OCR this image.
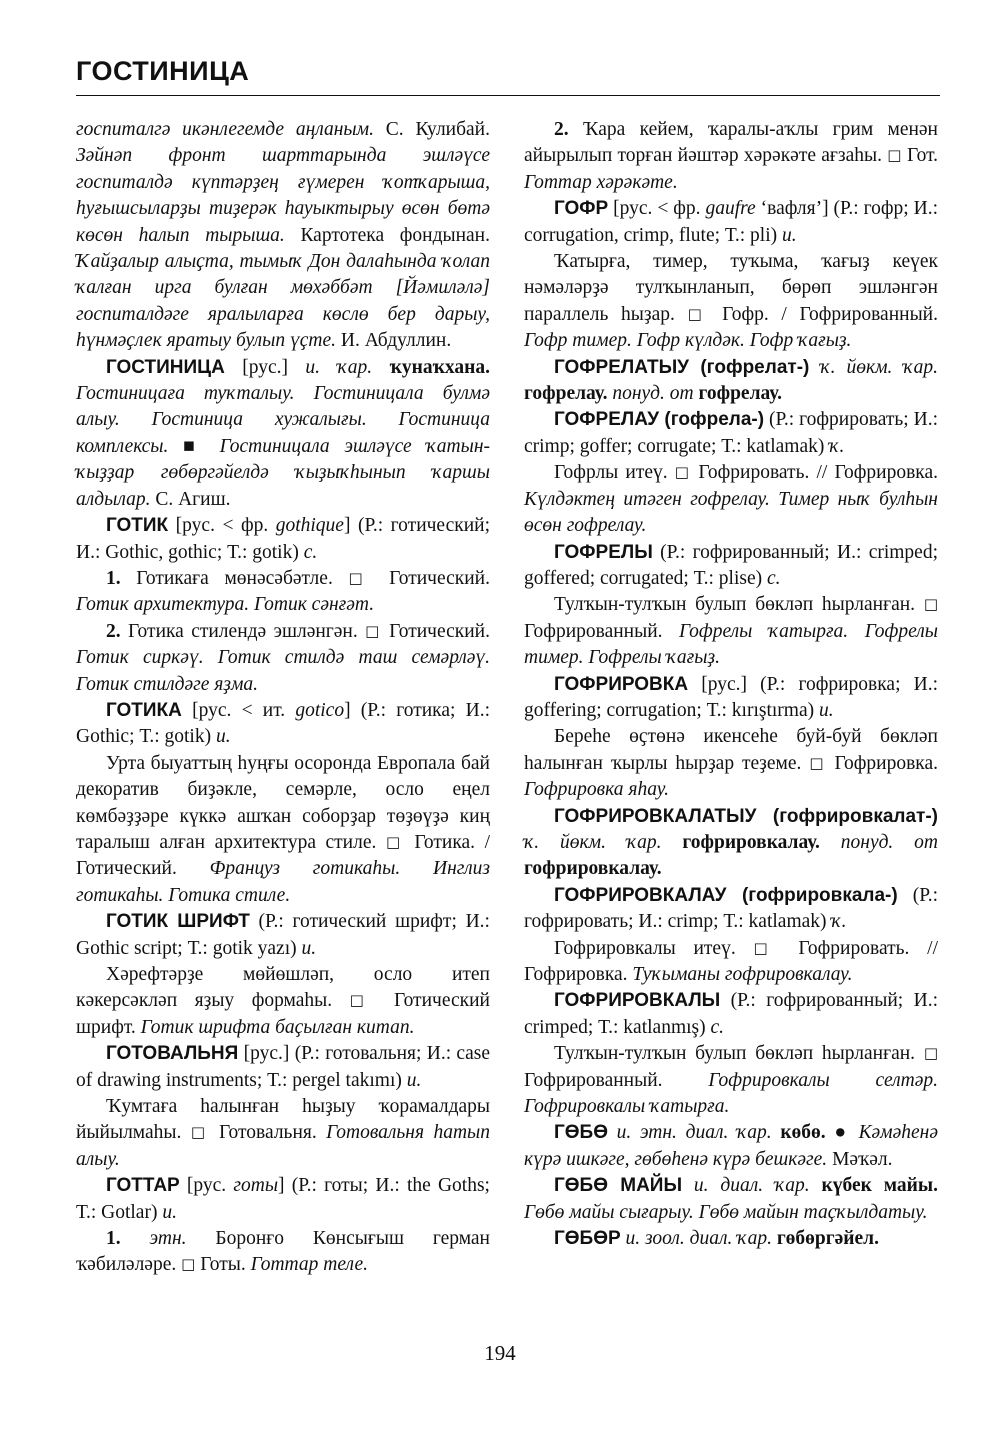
ГОСТИНИЦА

госпиталгә икәнлегемде аңланым. С. Кулибай. Зәйнәп фронт шарттарында эшләүсе госпиталдә күптәрҙең ғүмерен ҡотҡарыша, һуғышсыларҙы тиҙерәк һауыктырыу өсөн бөтә көсөн һалып тырыша. Картотека фондынан. Ҡайҙалыр алыҫта, тымыҡ Дон далаһында ҡолап ҡалған ирга булған мөхәббәт [Йәмиләлә] госпиталдәге яралыларға көслө бер дарыу, һүнмәҫлек яратыу булып үҫте. И. Абдуллин.

ГОСТИНИЦА [рус.] и. ҡар. ҡунаҡхана. Гостиницаға туҡталыу. Гостиницала булмә алыу. Гостиница хужалығы. Гостиница комплексы. ■ Гостиницала эшләүсе ҡатын-ҡыҙҙар гөбөргәйелдә ҡыҙыҡһынып ҡаршы алдылар. С. Агиш.

ГОТИК [рус. < фр. gothique] (Р.: готический; И.: Gothic, gothic; Т.: gotik) с.

1. Готикаға мөнәсәбәтле. □ Готический. Готик архитектура. Готик сәнғәт.

2. Готика стилендә эшләнгән. □ Готический. Готик сиркәү. Готик стилдә таш семәрләү. Готик стилдәге яҙма.

ГОТИКА [рус. < ит. gotico] (Р.: готика; И.: Gothic; Т.: gotik) и.

Урта быуаттың һуңғы осоронда Европала бай декоратив биҙәкле, семәрле, осло еңел көмбәҙҙәре күккә ашҡан соборҙар төҙөүҙә киң таралыш алған архитектура стиле. □ Готика. / Готический. Француз готикаһы. Инглиз готикаһы. Готика стиле.

ГОТИК ШРИФТ (Р.: готический шрифт; И.: Gothic script; Т.: gotik yazı) и.

Хәрефтәрҙе мөйөшләп, осло итеп кәкерсәкләп яҙыу формаһы. □ Готический шрифт. Готик шрифта баҫылған китап.

ГОТОВАЛЬНЯ [рус.] (Р.: готовальня; И.: case of drawing instruments; Т.: pergel takımı) и.

Ҡумтаға һалынған һыҙыу ҡорамалдары йыйылмаһы. □ Готовальня. Готовальня һатып алыу.

ГОТТАР [рус. готы] (Р.: готы; И.: the Goths; Т.: Gotlar) и.

1. этн. Боронғо Көнсығыш герман ҡәбиләләре. □ Готы. Готтар теле.

2. Ҡара кейем, ҡаралы-аҡлы грим менән айырылып торған йәштәр хәрәкәте ағзаһы. □ Гот. Готтар хәрәкәте.

ГОФР [рус. < фр. gaufre ‘вафля’] (Р.: гофр; И.: corrugation, crimp, flute; Т.: pli) и.

Ҡатырға, тимер, туҡыма, ҡағыҙ кеүек нәмәләрҙә тулҡынланып, бөрөп эшләнгән параллель һыҙар. □ Гофр. / Гофрированный. Гофр тимер. Гофр күлдәк. Гофр ҡағыҙ.

ГОФРЕЛАТЫУ (гофрелат-) ҡ. йөкм. ҡар. гофрелау. понуд. от гофрелау.

ГОФРЕЛАУ (гофрела-) (Р.: гофрировать; И.: crimp; goffer; corrugate; Т.: katlamak) ҡ.

Гофрлы итеү. □ Гофрировать. // Гофрировка. Күлдәктең итәген гофрелау. Тимер ныҡ булһын өсөн гофрелау.

ГОФРЕЛЫ (Р.: гофрированный; И.: crimped; goffered; corrugated; Т.: plise) с.

Тулҡын-тулҡын булып бөкләп һырланған. □ Гофрированный. Гофрелы ҡатырға. Гофрелы тимер. Гофрелы ҡағыҙ.

ГОФРИРОВКА [рус.] (Р.: гофрировка; И.: goffering; corrugation; Т.: kırıştırma) и.

Береһе өҫтөнә икенсеһе буй-буй бөкләп һалынған ҡырлы һырҙар теҙеме. □ Гофрировка. Гофрировка яһау.

ГОФРИРОВКАЛАТЫУ (гофрировкалат-) ҡ. йөкм. ҡар. гофрировкалау. понуд. от гофрировкалау.

ГОФРИРОВКАЛАУ (гофрировкала-) (Р.: гофрировать; И.: crimp; Т.: katlamak) ҡ.

Гофрировкалы итеү. □ Гофрировать. // Гофрировка. Туҡыманы гофрировкалау.

ГОФРИРОВКАЛЫ (Р.: гофрированный; И.: crimped; Т.: katlanmış) с.

Тулҡын-тулҡын булып бөкләп һырланған. □ Гофрированный. Гофрировкалы селтәр. Гофрировкалы ҡатырға.

ГӨБӨ и. этн. диал. ҡар. көбө. ● Кәмәһенә күрә ишкәге, гөбөһенә күрә бешкәге. Мәҡәл.

ГӨБӨ МАЙЫ и. диал. ҡар. күбек майы. Гөбө майы сығарыу. Гөбө майын таҫҡылдатыу.

ГӨБӨР и. зоол. диал. ҡар. гөбөргәйел.

194
